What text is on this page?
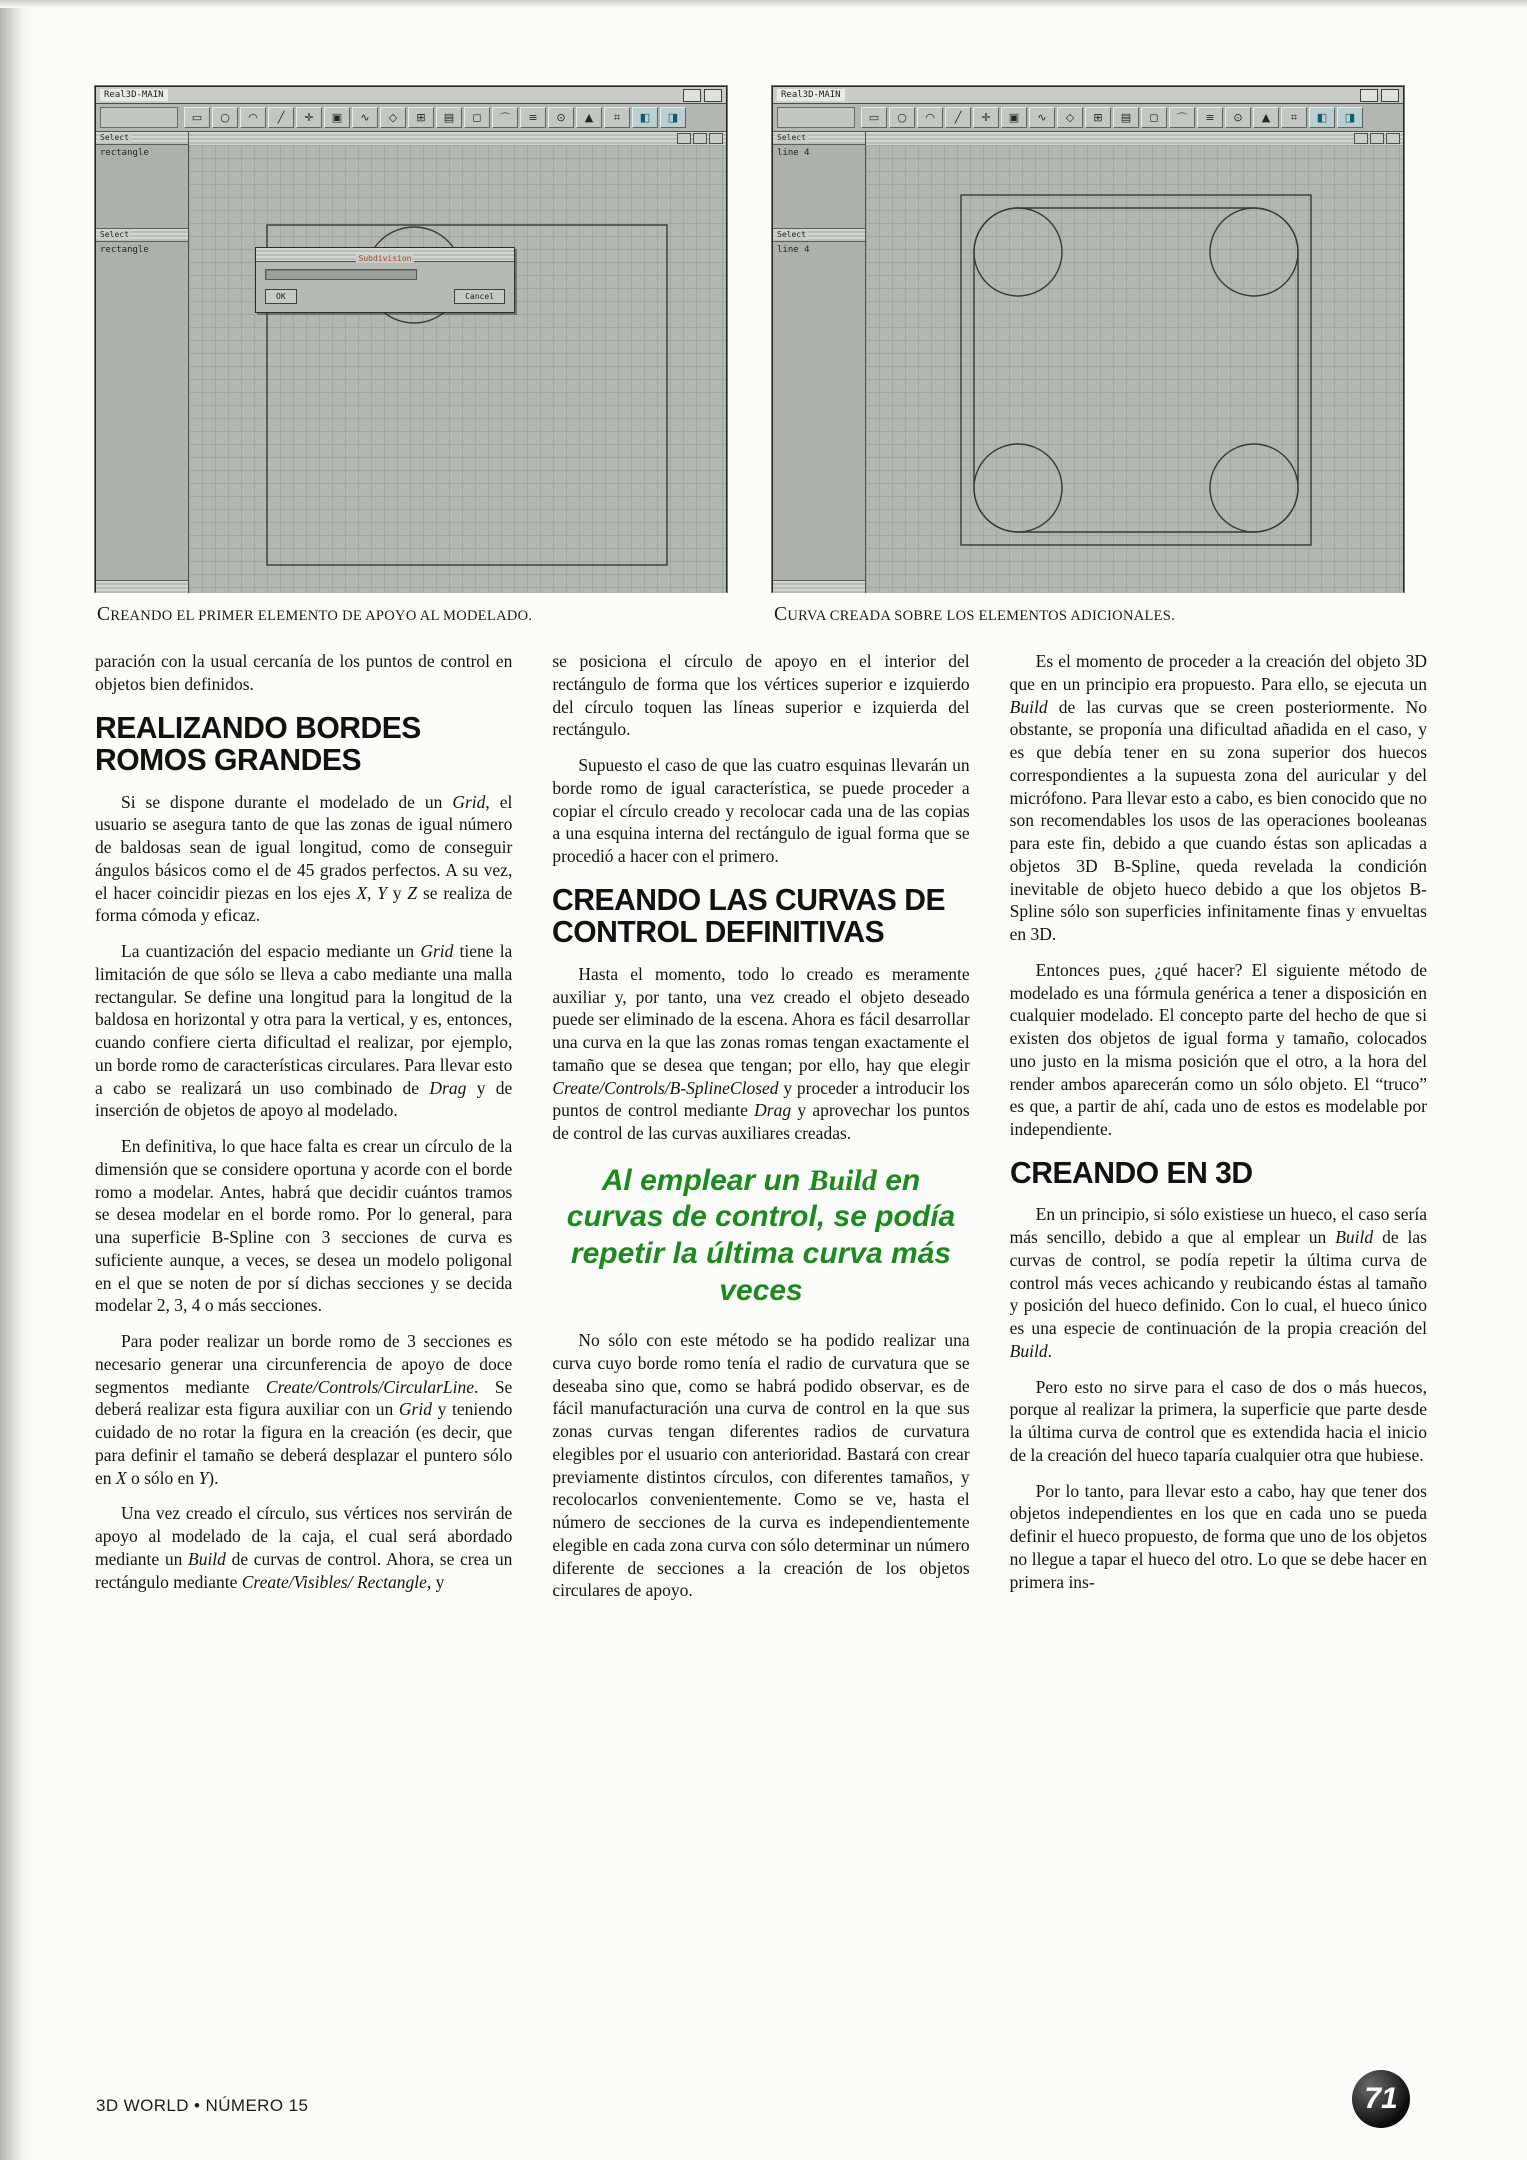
Real3D-MAIN
▭	○	◠	╱	✛	▣	∿	◇	⊞	▤	◻	⌒	≡	⊙	▲	⌗	◧	◨
Select
rectangle
Select
rectangle
Subdivision
OK	Cancel
Real3D-MAIN
▭	○	◠	╱	✛	▣	∿	◇	⊞	▤	◻	⌒	≡	⊙	▲	⌗	◧	◨
Select
line 4
Select
line 4
CREANDO EL PRIMER ELEMENTO DE APOYO AL MODELADO.	CURVA CREADA SOBRE LOS ELEMENTOS ADICIONALES.

paración con la usual cercanía de los puntos de control en objetos bien definidos.

REALIZANDO BORDES ROMOS GRANDES

Si se dispone durante el modelado de un Grid, el usuario se asegura tanto de que las zonas de igual número de baldosas sean de igual longitud, como de conseguir ángulos básicos como el de 45 grados perfectos. A su vez, el hacer coincidir piezas en los ejes X, Y y Z se realiza de forma cómoda y eficaz.

La cuantización del espacio mediante un Grid tiene la limitación de que sólo se lleva a cabo mediante una malla rectangular. Se define una longitud para la longitud de la baldosa en horizontal y otra para la vertical, y es, entonces, cuando confiere cierta dificultad el realizar, por ejemplo, un borde romo de características circulares. Para llevar esto a cabo se realizará un uso combinado de Drag y de inserción de objetos de apoyo al modelado.

En definitiva, lo que hace falta es crear un círculo de la dimensión que se considere oportuna y acorde con el borde romo a modelar. Antes, habrá que decidir cuántos tramos se desea modelar en el borde romo. Por lo general, para una superficie B-Spline con 3 secciones de curva es suficiente aunque, a veces, se desea un modelo poligonal en el que se noten de por sí dichas secciones y se decida modelar 2, 3, 4 o más secciones.

Para poder realizar un borde romo de 3 secciones es necesario generar una circunferencia de apoyo de doce segmentos mediante Create/Controls/CircularLine. Se deberá realizar esta figura auxiliar con un Grid y teniendo cuidado de no rotar la figura en la creación (es decir, que para definir el tamaño se deberá desplazar el puntero sólo en X o sólo en Y).

Una vez creado el círculo, sus vértices nos servirán de apoyo al modelado de la caja, el cual será abordado mediante un Build de curvas de control. Ahora, se crea un rectángulo mediante Create/Visibles/ Rectangle, y

se posiciona el círculo de apoyo en el interior del rectángulo de forma que los vértices superior e izquierdo del círculo toquen las líneas superior e izquierda del rectángulo.

Supuesto el caso de que las cuatro esquinas llevarán un borde romo de igual característica, se puede proceder a copiar el círculo creado y recolocar cada una de las copias a una esquina interna del rectángulo de igual forma que se procedió a hacer con el primero.

CREANDO LAS CURVAS DE CONTROL DEFINITIVAS

Hasta el momento, todo lo creado es meramente auxiliar y, por tanto, una vez creado el objeto deseado puede ser eliminado de la escena. Ahora es fácil desarrollar una curva en la que las zonas romas tengan exactamente el tamaño que se desea que tengan; por ello, hay que elegir Create/Controls/B-SplineClosed y proceder a introducir los puntos de control mediante Drag y aprovechar los puntos de control de las curvas auxiliares creadas.

Al emplear un Build en curvas de control, se podía repetir la última curva más veces

No sólo con este método se ha podido realizar una curva cuyo borde romo tenía el radio de curvatura que se deseaba sino que, como se habrá podido observar, es de fácil manufacturación una curva de control en la que sus zonas curvas tengan diferentes radios de curvatura elegibles por el usuario con anterioridad. Bastará con crear previamente distintos círculos, con diferentes tamaños, y recolocarlos convenientemente. Como se ve, hasta el número de secciones de la curva es independientemente elegible en cada zona curva con sólo determinar un número diferente de secciones a la creación de los objetos circulares de apoyo.

Es el momento de proceder a la creación del objeto 3D que en un principio era propuesto. Para ello, se ejecuta un Build de las curvas que se creen posteriormente. No obstante, se proponía una dificultad añadida en el caso, y es que debía tener en su zona superior dos huecos correspondientes a la supuesta zona del auricular y del micrófono. Para llevar esto a cabo, es bien conocido que no son recomendables los usos de las operaciones booleanas para este fin, debido a que cuando éstas son aplicadas a objetos 3D B-Spline, queda revelada la condición inevitable de objeto hueco debido a que los objetos B-Spline sólo son superficies infinitamente finas y envueltas en 3D.

Entonces pues, ¿qué hacer? El siguiente método de modelado es una fórmula genérica a tener a disposición en cualquier modelado. El concepto parte del hecho de que si existen dos objetos de igual forma y tamaño, colocados uno justo en la misma posición que el otro, a la hora del render ambos aparecerán como un sólo objeto. El “truco” es que, a partir de ahí, cada uno de estos es modelable por independiente.

CREANDO EN 3D

En un principio, si sólo existiese un hueco, el caso sería más sencillo, debido a que al emplear un Build de las curvas de control, se podía repetir la última curva de control más veces achicando y reubicando éstas al tamaño y posición del hueco definido. Con lo cual, el hueco único es una especie de continuación de la propia creación del Build.

Pero esto no sirve para el caso de dos o más huecos, porque al realizar la primera, la superficie que parte desde la última curva de control que es extendida hacia el inicio de la creación del hueco taparía cualquier otra que hubiese.

Por lo tanto, para llevar esto a cabo, hay que tener dos objetos independientes en los que en cada uno se pueda definir el hueco propuesto, de forma que uno de los objetos no llegue a tapar el hueco del otro. Lo que se debe hacer en primera ins-

3D WORLD • NÚMERO 15	71
